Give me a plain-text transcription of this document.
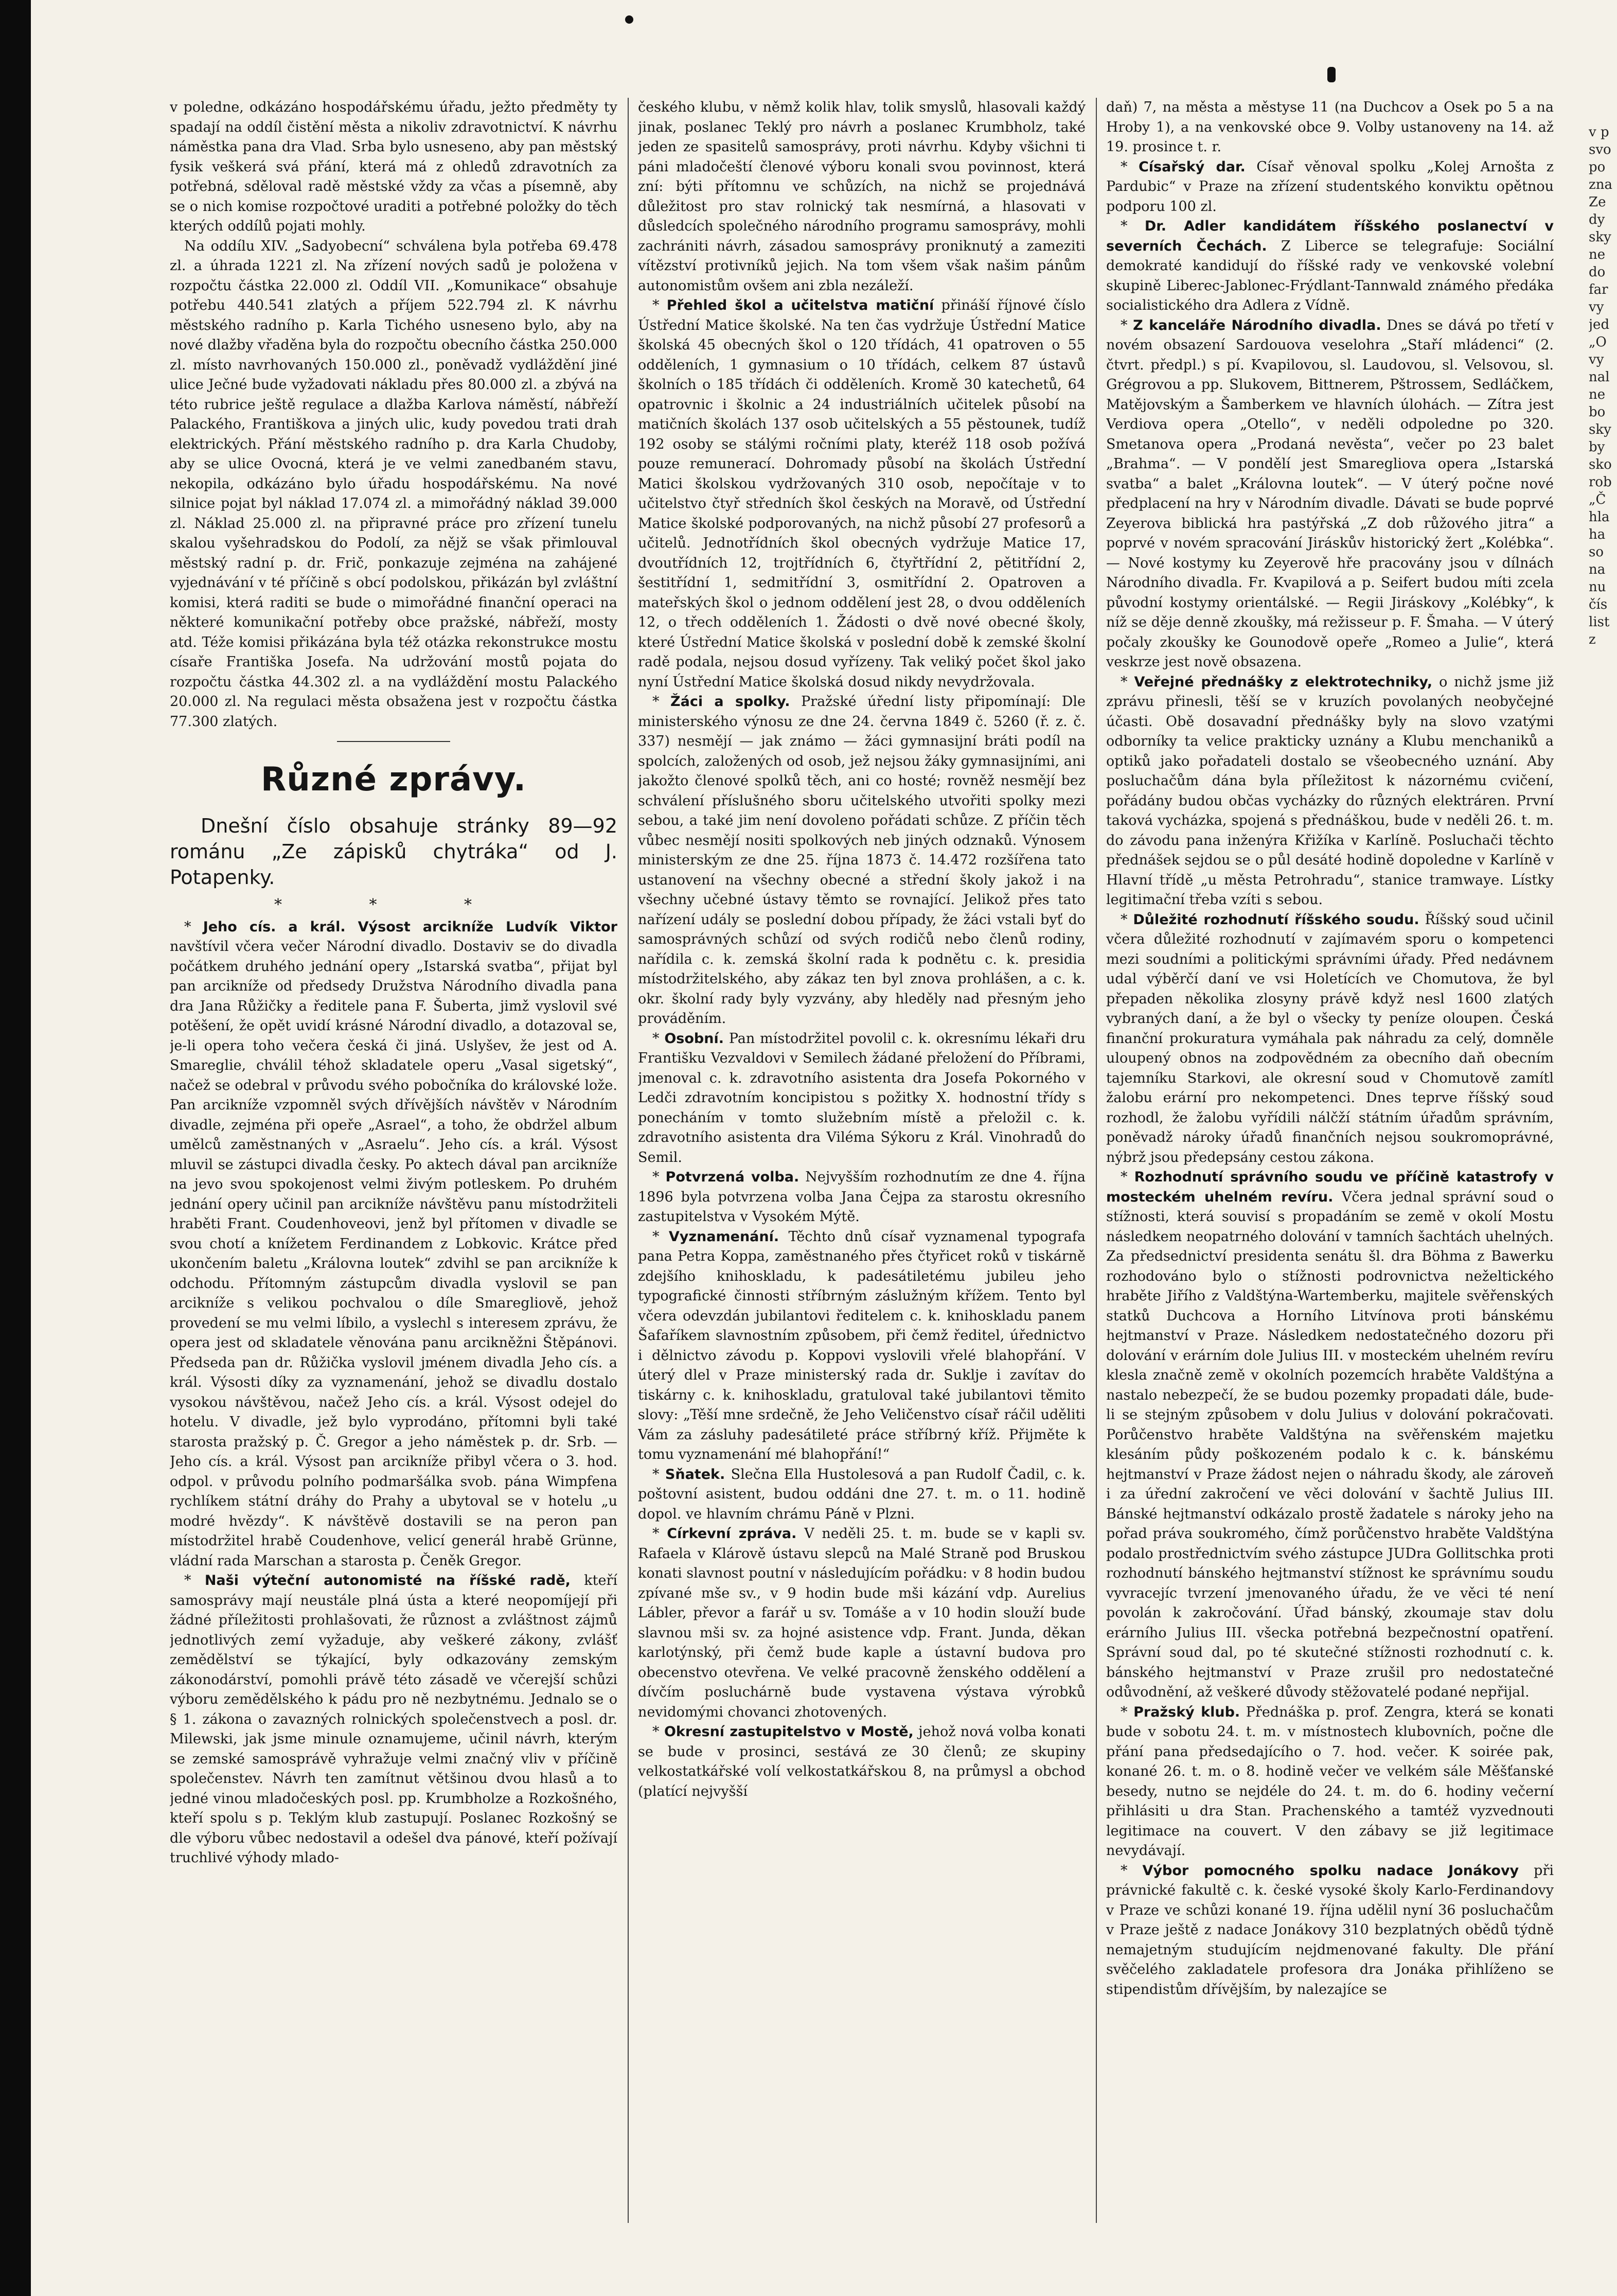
v p
svo
po
zna
Ze
dy
sky
ne
do
far
vy
jed
„O
vy
nal
ne
bo
sky
by
sko
rob
„Č
hla
ha
so
na
nu
čís
list
z

v poledne, odkázáno hospodářskému úřadu, ježto předměty ty spadají na oddíl čistění města a nikoliv zdravotnictví. K návrhu náměstka pana dra Vlad. Srba bylo usneseno, aby pan městský fysik veškerá svá přání, která má z ohledů zdravotních za potřebná, sděloval radě městské vždy za včas a písemně, aby se o nich komise rozpočtové uraditi a potřebné položky do těch kterých oddílů pojati mohly.

Na oddílu XIV. „Sadyobecní“ schválena byla potřeba 69.478 zl. a úhrada 1221 zl. Na zřízení nových sadů je položena v rozpočtu částka 22.000 zl. Oddíl VII. „Komunikace“ obsahuje potřebu 440.541 zlatých a příjem 522.794 zl. K návrhu městského radního p. Karla Tichého usneseno bylo, aby na nové dlažby vřaděna byla do rozpočtu obecního částka 250.000 zl. místo navrhovaných 150.000 zl., poněvadž vydláždění jiné ulice Ječné bude vyžadovati nákladu přes 80.000 zl. a zbývá na této rubrice ještě regulace a dlažba Karlova náměstí, nábřeží Palackého, Františkova a jiných ulic, kudy povedou trati drah elektrických. Přání městského radního p. dra Karla Chudoby, aby se ulice Ovocná, která je ve velmi zanedbaném stavu, nekopila, odkázáno bylo úřadu hospodářskému. Na nové silnice pojat byl náklad 17.074 zl. a mimořádný náklad 39.000 zl. Náklad 25.000 zl. na připravné práce pro zřízení tunelu skalou vyšehradskou do Podolí, za nějž se však přimlouval městský radní p. dr. Frič, ponkazuje zejména na zahájené vyjednávání v té příčině s obcí podolskou, přikázán byl zvláštní komisi, která raditi se bude o mimořádné finanční operaci na některé komunikační potřeby obce pražské, nábřeží, mosty atd. Téže komisi přikázána byla též otázka rekonstrukce mostu císaře Františka Josefa. Na udržování mostů pojata do rozpočtu částka 44.302 zl. a na vydláždění mostu Palackého 20.000 zl. Na regulaci města obsažena jest v rozpočtu částka 77.300 zlatých.

Různé zprávy.
Dnešní číslo obsahuje stránky 89—92 románu „Ze zápisků chytráka“ od J. Potapenky.
* * *

* Jeho cís. a král. Výsost arcikníže Ludvík Viktor navštívil včera večer Národní divadlo. Dostaviv se do divadla počátkem druhého jednání opery „Istarská svatba“, přijat byl pan arcikníže od předsedy Družstva Národního divadla pana dra Jana Růžičky a ředitele pana F. Šuberta, jimž vyslovil své potěšení, že opět uvidí krásné Národní divadlo, a dotazoval se, je-li opera toho večera česká či jiná. Uslyšev, že jest od A. Smareglie, chválil téhož skladatele operu „Vasal sigetský“, načež se odebral v průvodu svého pobočníka do královské lože. Pan arcikníže vzpomněl svých dřívějších návštěv v Národním divadle, zejména při opeře „Asrael“, a toho, že obdržel album umělců zaměstnaných v „Asraelu“. Jeho cís. a král. Výsost mluvil se zástupci divadla česky. Po aktech dával pan arcikníže na jevo svou spokojenost velmi živým potleskem. Po druhém jednání opery učinil pan arcikníže návštěvu panu místodržiteli hraběti Frant. Coudenhoveovi, jenž byl přítomen v divadle se svou chotí a knížetem Ferdinandem z Lobkovic. Krátce před ukončením baletu „Královna loutek“ zdvihl se pan arcikníže k odchodu. Přítomným zástupcům divadla vyslovil se pan arcikníže s velikou pochvalou o díle Smaregliově, jehož provedení se mu velmi líbilo, a vyslechl s interesem zprávu, že opera jest od skladatele věnována panu arcikněžni Štěpánovi. Předseda pan dr. Růžička vyslovil jménem divadla Jeho cís. a král. Výsosti díky za vyznamenání, jehož se divadlu dostalo vysokou návštěvou, načež Jeho cís. a král. Výsost odejel do hotelu. V divadle, jež bylo vyprodáno, přítomni byli také starosta pražský p. Č. Gregor a jeho náměstek p. dr. Srb. — Jeho cís. a král. Výsost pan arcikníže přibyl včera o 3. hod. odpol. v průvodu polního podmaršálka svob. pána Wimpfena rychlíkem státní dráhy do Prahy a ubytoval se v hotelu „u modré hvězdy“. K návštěvě dostavili se na peron pan místodržitel hrabě Coudenhove, velicí generál hrabě Grünne, vládní rada Marschan a starosta p. Čeněk Gregor.

* Naši výteční autonomisté na říšské radě, kteří samosprávy mají neustále plná ústa a které neopomíjejí při žádné příležitosti prohlašovati, že různost a zvláštnost zájmů jednotlivých zemí vyžaduje, aby veškeré zákony, zvlášť zemědělství se týkající, byly odkazovány zemským zákonodárství, pomohli právě této zásadě ve včerejší schůzi výboru zemědělského k pádu pro ně nezbytnému. Jednalo se o § 1. zákona o zavazných rolnických společenstvech a posl. dr. Milewski, jak jsme minule oznamujeme, učinil návrh, kterým se zemské samosprávě vyhražuje velmi značný vliv v příčině společenstev. Návrh ten zamítnut většinou dvou hlasů a to jedné vinou mladočeských posl. pp. Krumbholze a Rozkošného, kteří spolu s p. Teklým klub zastupují. Poslanec Rozkošný se dle výboru vůbec nedostavil a odešel dva pánové, kteří požívají truchlivé výhody mlado-

českého klubu, v němž kolik hlav, tolik smyslů, hlasovali každý jinak, poslanec Teklý pro návrh a poslanec Krumbholz, také jeden ze spasitelů samosprávy, proti návrhu. Kdyby všichni ti páni mladočeští členové výboru konali svou povinnost, která zní: býti přítomnu ve schůzích, na nichž se projednává důležitost pro stav rolnický tak nesmírná, a hlasovati v důsledcích společného národního programu samosprávy, mohli zachrániti návrh, zásadou samosprávy proniknutý a zameziti vítězství protivníků jejich. Na tom všem však našim pánům autonomistům ovšem ani zbla nezáleží.

* Přehled škol a učitelstva matiční přináší říjnové číslo Ústřední Matice školské. Na ten čas vydržuje Ústřední Matice školská 45 obecných škol o 120 třídách, 41 opatroven o 55 odděleních, 1 gymnasium o 10 třídách, celkem 87 ústavů školních o 185 třídách či odděleních. Kromě 30 katechetů, 64 opatrovnic i školnic a 24 industriálních učitelek působí na matičních školách 137 osob učitelských a 55 pěstounek, tudíž 192 osoby se stálými ročními platy, kteréž 118 osob požívá pouze remunerací. Dohromady působí na školách Ústřední Matici školskou vydržovaných 310 osob, nepočítaje v to učitelstvo čtyř středních škol českých na Moravě, od Ústřední Matice školské podporovaných, na nichž působí 27 profesorů a učitelů. Jednotřídních škol obecných vydržuje Matice 17, dvoutřídních 12, trojtřídních 6, čtyřtřídní 2, pětitřídní 2, šestitřídní 1, sedmitřídní 3, osmitřídní 2. Opatroven a mateřských škol o jednom oddělení jest 28, o dvou odděleních 12, o třech odděleních 1. Žádosti o dvě nové obecné školy, které Ústřední Matice školská v poslední době k zemské školní radě podala, nejsou dosud vyřízeny. Tak veliký počet škol jako nyní Ústřední Matice školská dosud nikdy nevydržovala.

* Žáci a spolky. Pražské úřední listy připomínají: Dle ministerského výnosu ze dne 24. června 1849 č. 5260 (ř. z. č. 337) nesmějí — jak známo — žáci gymnasijní bráti podíl na spolcích, založených od osob, jež nejsou žáky gymnasijními, ani jakožto členové spolků těch, ani co hosté; rovněž nesmějí bez schválení příslušného sboru učitelského utvořiti spolky mezi sebou, a také jim není dovoleno pořádati schůze. Z příčin těch vůbec nesmějí nositi spolkových neb jiných odznaků. Výnosem ministerským ze dne 25. října 1873 č. 14.472 rozšířena tato ustanovení na všechny obecné a střední školy jakož i na všechny učebné ústavy těmto se rovnající. Jelikož přes tato nařízení udály se poslední dobou případy, že žáci vstali byť do samosprávných schůzí od svých rodičů nebo členů rodiny, nařídila c. k. zemská školní rada k podnětu c. k. presidia místodržitelského, aby zákaz ten byl znova prohlášen, a c. k. okr. školní rady byly vyzvány, aby hleděly nad přesným jeho prováděním.

* Osobní. Pan místodržitel povolil c. k. okresnímu lékaři dru Františku Vezvaldovi v Semilech žádané přeložení do Příbrami, jmenoval c. k. zdravotního asistenta dra Josefa Pokorného v Ledči zdravotním koncipistou s požitky X. hodnostní třídy s ponecháním v tomto služebním místě a přeložil c. k. zdravotního asistenta dra Viléma Sýkoru z Král. Vinohradů do Semil.

* Potvrzená volba. Nejvyšším rozhodnutím ze dne 4. října 1896 byla potvrzena volba Jana Čejpa za starostu okresního zastupitelstva v Vysokém Mýtě.

* Vyznamenání. Těchto dnů císař vyznamenal typografa pana Petra Koppa, zaměstnaného přes čtyřicet roků v tiskárně zdejšího knihoskladu, k padesátiletému jubileu jeho typografické činnosti stříbrným záslužným křížem. Tento byl včera odevzdán jubilantovi ředitelem c. k. knihoskladu panem Šafaříkem slavnostním způsobem, při čemž ředitel, úřednictvo i dělnictvo závodu p. Koppovi vyslovili vřelé blahopřání. V úterý dlel v Praze ministerský rada dr. Suklje i zavítav do tiskárny c. k. knihoskladu, gratuloval také jubilantovi těmito slovy: „Těší mne srdečně, že Jeho Veličenstvo císař ráčil uděliti Vám za zásluhy padesátileté práce stříbrný kříž. Přijměte k tomu vyznamenání mé blahopřání!“

* Sňatek. Slečna Ella Hustolesová a pan Rudolf Čadil, c. k. poštovní asistent, budou oddáni dne 27. t. m. o 11. hodině dopol. ve hlavním chrámu Páně v Plzni.

* Církevní zpráva. V neděli 25. t. m. bude se v kapli sv. Rafaela v Klárově ústavu slepců na Malé Straně pod Bruskou konati slavnost poutní v následujícím pořádku: v 8 hodin budou zpívané mše sv., v 9 hodin bude mši kázání vdp. Aurelius Lábler, převor a farář u sv. Tomáše a v 10 hodin slouží bude slavnou mši sv. za hojné asistence vdp. Frant. Junda, děkan karlotýnský, při čemž bude kaple a ústavní budova pro obecenstvo otevřena. Ve velké pracovně ženského oddělení a dívčím posluchárně bude vystavena výstava výrobků nevidomými chovanci zhotovených.

* Okresní zastupitelstvo v Mostě, jehož nová volba konati se bude v prosinci, sestává ze 30 členů; ze skupiny velkostatkářské volí velkostatkářskou 8, na průmysl a obchod (platící nejvyšší

daň) 7, na města a městyse 11 (na Duchcov a Osek po 5 a na Hroby 1), a na venkovské obce 9. Volby ustanoveny na 14. až 19. prosince t. r.

* Císařský dar. Císař věnoval spolku „Kolej Arnošta z Pardubic“ v Praze na zřízení studentského konviktu opětnou podporu 100 zl.

* Dr. Adler kandidátem říšského poslanectví v severních Čechách. Z Liberce se telegrafuje: Sociální demokraté kandidují do říšské rady ve venkovské volební skupině Liberec-Jablonec-Frýdlant-Tannwald známého předáka socialistického dra Adlera z Vídně.

* Z kanceláře Národního divadla. Dnes se dává po třetí v novém obsazení Sardouova veselohra „Staří mládenci“ (2. čtvrt. předpl.) s pí. Kvapilovou, sl. Laudovou, sl. Velsovou, sl. Grégrovou a pp. Slukovem, Bittnerem, Pštrossem, Sedláčkem, Matějovským a Šamberkem ve hlavních úlohách. — Zítra jest Verdiova opera „Otello“, v neděli odpoledne po 320. Smetanova opera „Prodaná nevěsta“, večer po 23 balet „Brahma“. — V pondělí jest Smaregliova opera „Istarská svatba“ a balet „Královna loutek“. — V úterý počne nové předplacení na hry v Národním divadle. Dávati se bude poprvé Zeyerova biblická hra pastýřská „Z dob růžového jitra“ a poprvé v novém spracování Jiráskův historický žert „Kolébka“. — Nové kostymy ku Zeyerově hře pracovány jsou v dílnách Národního divadla. Fr. Kvapilová a p. Seifert budou míti zcela původní kostymy orientálské. — Regii Jiráskovy „Kolébky“, k níž se děje denně zkoušky, má režisseur p. F. Šmaha. — V úterý počaly zkoušky ke Gounodově opeře „Romeo a Julie“, která veskrze jest nově obsazena.

* Veřejné přednášky z elektrotechniky, o nichž jsme již zprávu přinesli, těší se v kruzích povolaných neobyčejné účasti. Obě dosavadní přednášky byly na slovo vzatými odborníky ta velice prakticky uznány a Klubu menchaniků a optiků jako pořadateli dostalo se všeobecného uznání. Aby posluchačům dána byla příležitost k názornému cvičení, pořádány budou občas vycházky do různých elektráren. První taková vycházka, spojená s přednáškou, bude v neděli 26. t. m. do závodu pana inženýra Křižíka v Karlíně. Posluchači těchto přednášek sejdou se o půl desáté hodině dopoledne v Karlíně v Hlavní třídě „u města Petrohradu“, stanice tramwaye. Lístky legitimační třeba vzíti s sebou.

* Důležité rozhodnutí říšského soudu. Říšský soud učinil včera důležité rozhodnutí v zajímavém sporu o kompetenci mezi soudními a politickými správními úřady. Před nedávnem udal výběrčí daní ve vsi Holetících ve Chomutova, že byl přepaden několika zlosyny právě když nesl 1600 zlatých vybraných daní, a že byl o všecky ty peníze oloupen. Česká finanční prokuratura vymáhala pak náhradu za celý, domněle uloupený obnos na zodpovědném za obecního daň obecním tajemníku Starkovi, ale okresní soud v Chomutově zamítl žalobu erární pro nekompetenci. Dnes teprve říšský soud rozhodl, že žalobu vyřídili nálčží státním úřadům správním, poněvadž nároky úřadů finančních nejsou soukromoprávné, nýbrž jsou předepsány cestou zákona.

* Rozhodnutí správního soudu ve příčině katastrofy v mosteckém uhelném revíru. Včera jednal správní soud o stížnosti, která souvisí s propadáním se země v okolí Mostu následkem neopatrného dolování v tamních šachtách uhelných. Za předsednictví presidenta senátu šl. dra Böhma z Bawerku rozhodováno bylo o stížnosti podrovnictva neželtického hraběte Jiřího z Valdštýna-Wartemberku, majitele svěřenských statků Duchcova a Horního Litvínova proti bánskému hejtmanství v Praze. Následkem nedostatečného dozoru při dolování v erárním dole Julius III. v mosteckém uhelném revíru klesla značně země v okolních pozemcích hraběte Valdštýna a nastalo nebezpečí, že se budou pozemky propadati dále, bude-li se stejným způsobem v dolu Julius v dolování pokračovati. Porůčenstvo hraběte Valdštýna na svěřenském majetku klesáním půdy poškozeném podalo k c. k. bánskému hejtmanství v Praze žádost nejen o náhradu škody, ale zároveň i za úřední zakročení ve věci dolování v šachtě Julius III. Bánské hejtmanství odkázalo prostě žadatele s nároky jeho na pořad práva soukromého, čímž porůčenstvo hraběte Valdštýna podalo prostřednictvím svého zástupce JUDra Gollitschka proti rozhodnutí bánského hejtmanství stížnost ke správnímu soudu vyvracejíc tvrzení jmenovaného úřadu, že ve věci té není povolán k zakročování. Úřad bánský, zkoumaje stav dolu erárního Julius III. všecka potřebná bezpečnostní opatření. Správní soud dal, po té skutečné stížnosti rozhodnutí c. k. bánského hejtmanství v Praze zrušil pro nedostatečné odůvodnění, až veškeré důvody stěžovatelé podané nepřijal.

* Pražský klub. Přednáška p. prof. Zengra, která se konati bude v sobotu 24. t. m. v místnostech klubovních, počne dle přání pana předsedajícího o 7. hod. večer. K soirée pak, konané 26. t. m. o 8. hodině večer ve velkém sále Měšťanské besedy, nutno se nejdéle do 24. t. m. do 6. hodiny večerní přihlásiti u dra Stan. Prachenského a tamtéž vyzvednouti legitimace na couvert. V den zábavy se již legitimace nevydávají.

* Výbor pomocného spolku nadace Jonákovy při právnické fakultě c. k. české vysoké školy Karlo-Ferdinandovy v Praze ve schůzi konané 19. října udělil nyní 36 posluchačům v Praze ještě z nadace Jonákovy 310 bezplatných obědů týdně nemajetným studujícím nejdmenované fakulty. Dle přání svěčelého zakladatele profesora dra Jonáka přihlíženo se stipendistům dřívějším, by nalezajíce se
